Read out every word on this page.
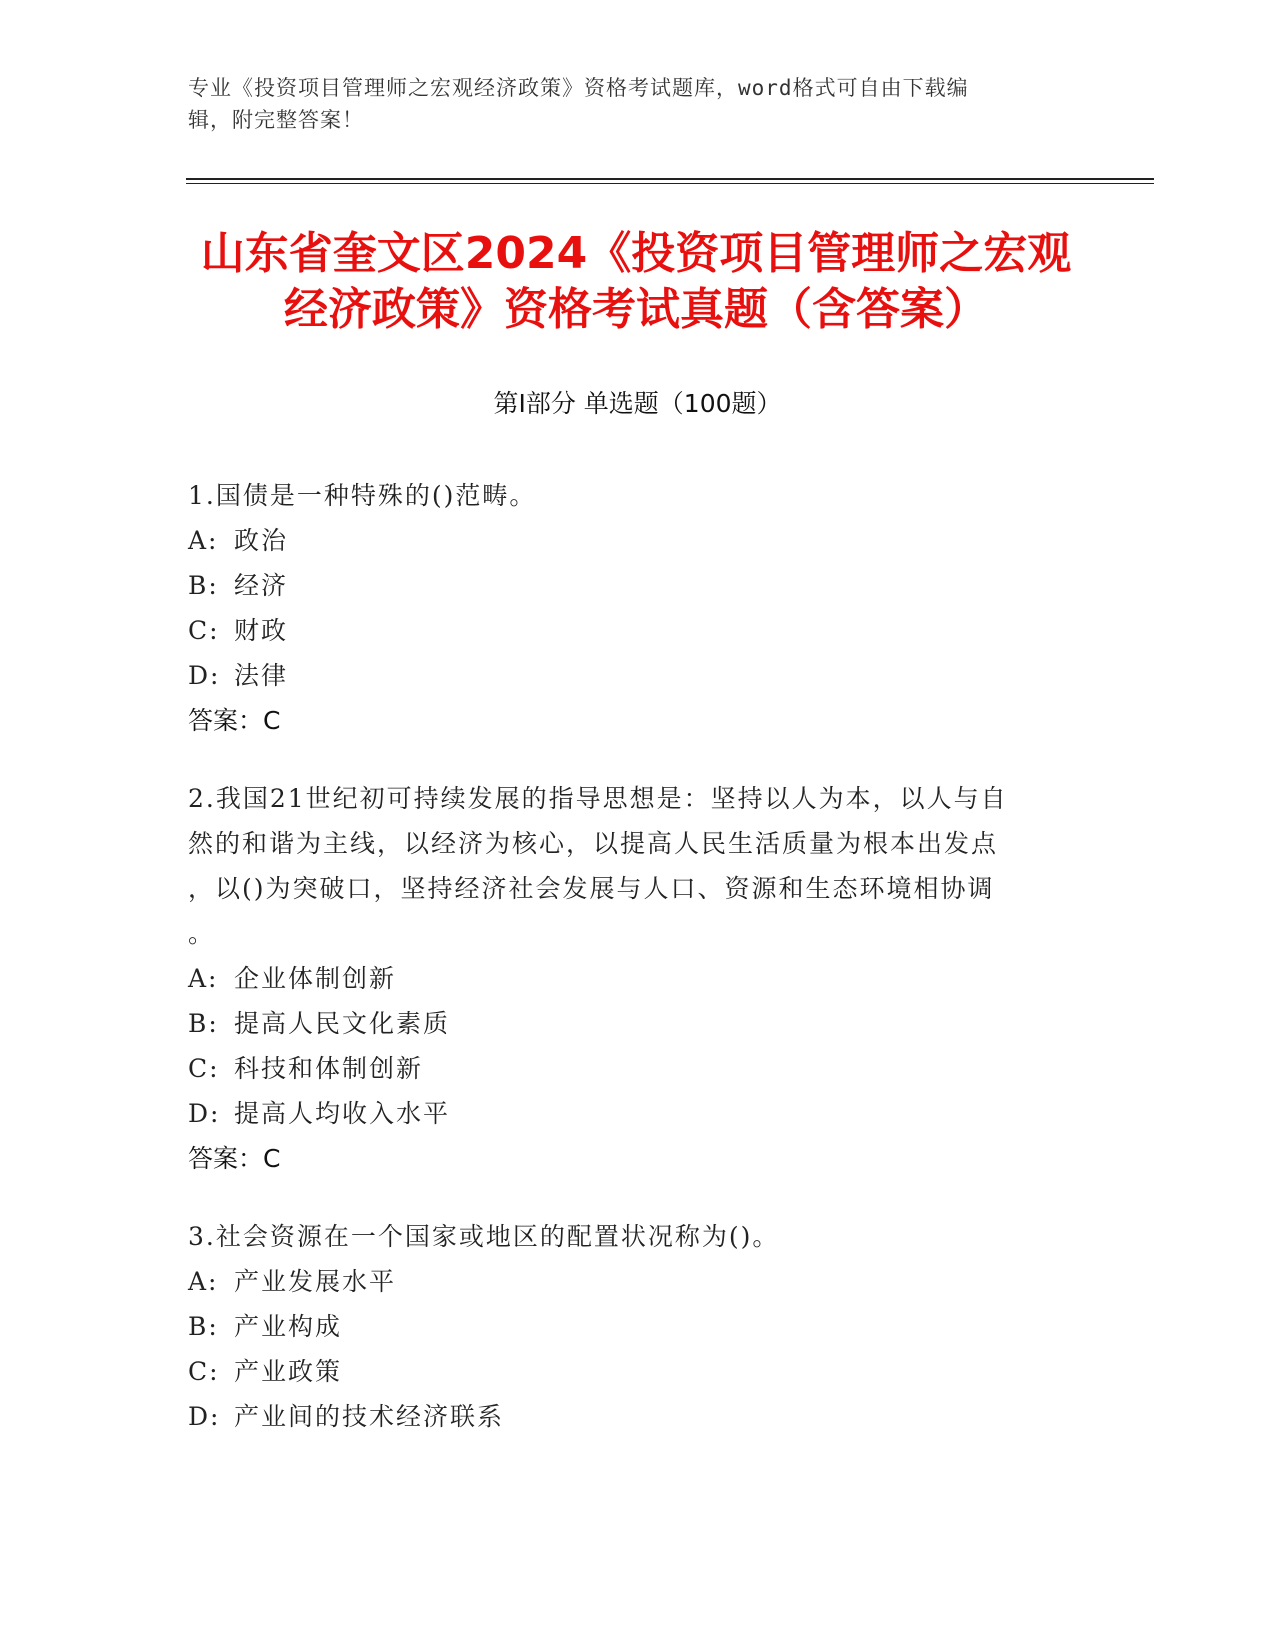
专业《投资项目管理师之宏观经济政策》资格考试题库，word格式可自由下载编
辑，附完整答案！
山东省奎文区2024《投资项目管理师之宏观
经济政策》资格考试真题（含答案）
第Ⅰ部分 单选题（100题）
1.国债是一种特殊的()范畴。
A: 政治
B: 经济
C: 财政
D: 法律
答案：C
2.我国21世纪初可持续发展的指导思想是：坚持以人为本，以人与自
然的和谐为主线，以经济为核心，以提高人民生活质量为根本出发点
，以()为突破口，坚持经济社会发展与人口、资源和生态环境相协调
。
A: 企业体制创新
B: 提高人民文化素质
C: 科技和体制创新
D: 提高人均收入水平
答案：C
3.社会资源在一个国家或地区的配置状况称为()。
A: 产业发展水平
B: 产业构成
C: 产业政策
D: 产业间的技术经济联系
